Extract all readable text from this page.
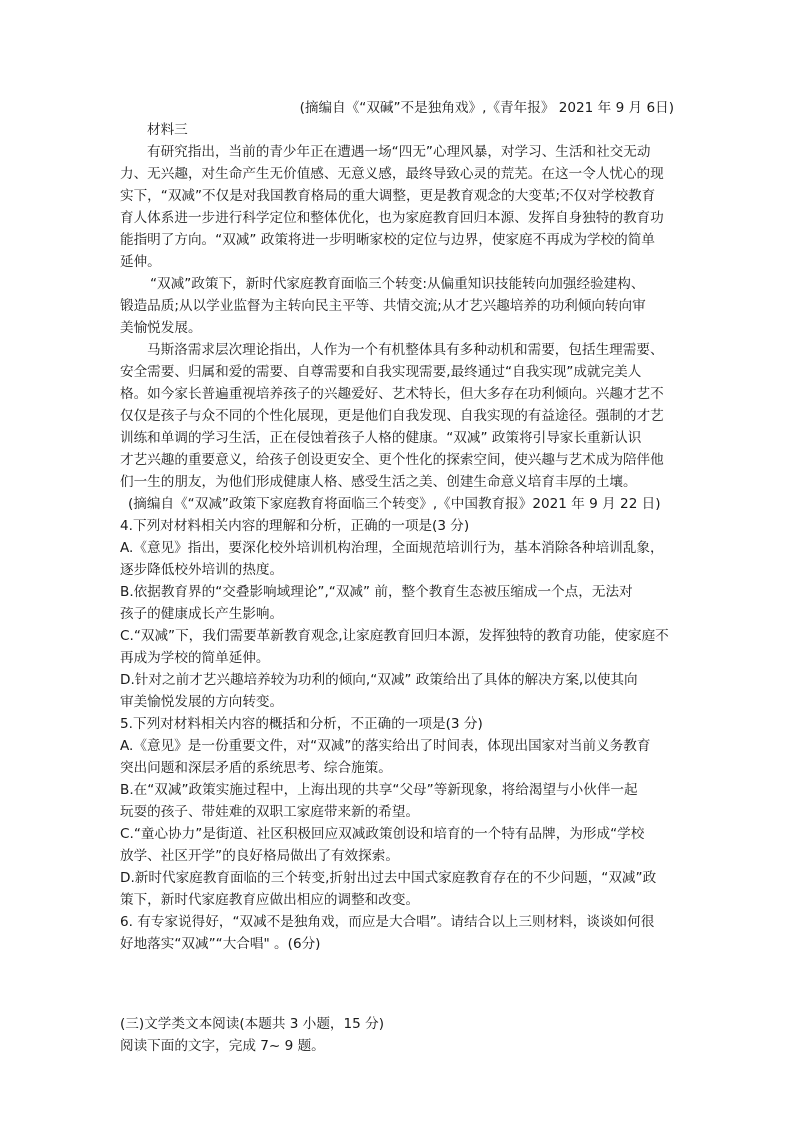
(摘编自《“双碱”不是独角戏》,《青年报》 2021 年 9 月 6日)
材料三
有研究指出，当前的青少年正在遭遇一场“四无”心理风暴，对学习、生活和社交无动
力、无兴趣，对生命产生无价值感、无意义感，最终导致心灵的荒芜。在这一令人忧心的现
实下，“双减”不仅是对我国教育格局的重大调整，更是教育观念的大变革;不仅对学校教育
育人体系进一步进行科学定位和整体优化，也为家庭教育回归本源、发挥自身独特的教育功
能指明了方向。“双减” 政策将进一步明晰家校的定位与边界，使家庭不再成为学校的简单
延伸。
“双减”政策下，新时代家庭教育面临三个转变:从偏重知识技能转向加强经验建构、
锻造品质;从以学业监督为主转向民主平等、共情交流;从才艺兴趣培养的功利倾向转向审
美愉悦发展。
马斯洛需求层次理论指出，人作为一个有机整体具有多种动机和需要，包括生理需要、
安全需要、归属和爱的需要、自尊需要和自我实现需要,最终通过“自我实现”成就完美人
格。如今家长普遍重视培养孩子的兴趣爱好、艺术特长，但大多存在功利倾向。兴趣才艺不
仅仅是孩子与众不同的个性化展现，更是他们自我发现、自我实现的有益途径。强制的才艺
训练和单调的学习生活，正在侵蚀着孩子人格的健康。“双减” 政策将引导家长重新认识
才艺兴趣的重要意义，给孩子创设更安全、更个性化的探索空间，使兴趣与艺术成为陪伴他
们一生的朋友，为他们形成健康人格、感受生活之美、创建生命意义培育丰厚的土壤。
(摘编自《“双减”政策下家庭教育将面临三个转变》,《中国教育报》2021 年 9 月 22 日)
4.下列对材料相关内容的理解和分析，正确的一项是(3 分)
A.《意见》指出，要深化校外培训机构治理，全面规范培训行为，基本消除各种培训乱象，
逐步降低校外培训的热度。
B.依据教育界的“交叠影响域理论”,“双减” 前，整个教育生态被压缩成一个点，无法对
孩子的健康成长产生影响。
C.“双减”下，我们需要革新教育观念,让家庭教育回归本源，发挥独特的教育功能，使家庭不
再成为学校的简单延伸。
D.针对之前才艺兴趣培养较为功利的倾向,“双减” 政策给出了具体的解决方案,以使其向
审美愉悦发展的方向转变。
5.下列对材料相关内容的概括和分析，不正确的一项是(3 分)
A.《意见》是一份重要文件，对“双减”的落实给出了时间表，体现出国家对当前义务教育
突出问题和深层矛盾的系统思考、综合施策。
B.在“双减”政策实施过程中，上海出现的共享“父母”等新现象，将给渴望与小伙伴一起
玩耍的孩子、带娃难的双职工家庭带来新的希望。
C.“童心协力”是街道、社区积极回应双减政策创设和培育的一个特有品牌，为形成“学校
放学、社区开学”的良好格局做出了有效探索。
D.新时代家庭教育面临的三个转变,折射出过去中国式家庭教育存在的不少问题，“双减”政
策下，新时代家庭教育应做出相应的调整和改变。
6. 有专家说得好，“双减不是独角戏，而应是大合唱”。请结合以上三则材料，谈谈如何很
好地落实“双减”“大合唱" 。(6分)
(三)文学类文本阅读(本题共 3 小题，15 分)
阅读下面的文字，完成 7~ 9 题。
